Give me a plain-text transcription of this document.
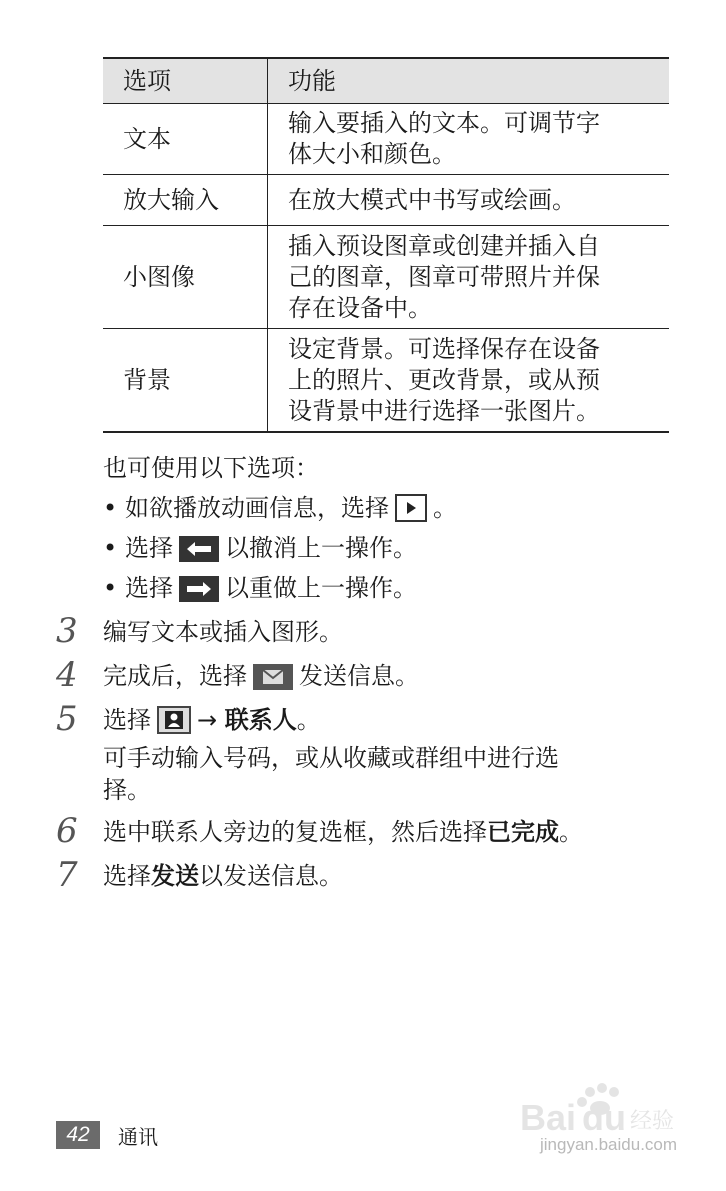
选项	功能
文本	输入要插入的文本。可调节字
体大小和颜色。

放大输入	在放大模式中书写或绘画。

小图像	插入预设图章或创建并插入自
己的图章，图章可带照片并保
存在设备中。

背景	设定背景。可选择保存在设备
上的照片、更改背景，或从预
设背景中进行选择一张图片。
也可使用以下选项：
• 如欲播放动画信息，选择 。
• 选择 以撤消上一操作。
• 选择 以重做上一操作。
3 编写文本或插入图形。
4 完成后，选择 发送信息。
5 选择 → 联系人。
可手动输入号码，或从收藏或群组中进行选
择。
6 选中联系人旁边的复选框，然后选择已完成。
7 选择发送以发送信息。
42	通讯	Bai du 经验
jingyan.baidu.com
